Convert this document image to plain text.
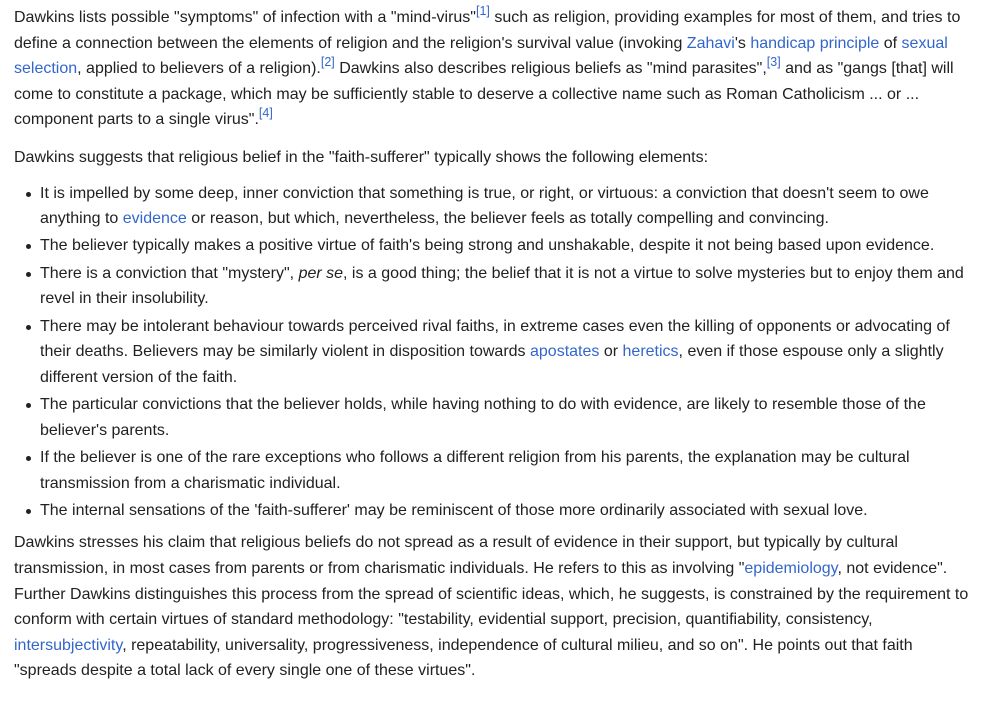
Dawkins lists possible "symptoms" of infection with a "mind-virus"[1] such as religion, providing examples for most of them, and tries to define a connection between the elements of religion and the religion's survival value (invoking Zahavi's handicap principle of sexual selection, applied to believers of a religion).[2] Dawkins also describes religious beliefs as "mind parasites",[3] and as "gangs [that] will come to constitute a package, which may be sufficiently stable to deserve a collective name such as Roman Catholicism ... or ... component parts to a single virus".[4]

Dawkins suggests that religious belief in the "faith-sufferer" typically shows the following elements:

It is impelled by some deep, inner conviction that something is true, or right, or virtuous: a conviction that doesn't seem to owe anything to evidence or reason, but which, nevertheless, the believer feels as totally compelling and convincing.
The believer typically makes a positive virtue of faith's being strong and unshakable, despite it not being based upon evidence.
There is a conviction that "mystery", per se, is a good thing; the belief that it is not a virtue to solve mysteries but to enjoy them and revel in their insolubility.
There may be intolerant behaviour towards perceived rival faiths, in extreme cases even the killing of opponents or advocating of their deaths. Believers may be similarly violent in disposition towards apostates or heretics, even if those espouse only a slightly different version of the faith.
The particular convictions that the believer holds, while having nothing to do with evidence, are likely to resemble those of the believer's parents.
If the believer is one of the rare exceptions who follows a different religion from his parents, the explanation may be cultural transmission from a charismatic individual.
The internal sensations of the 'faith-sufferer' may be reminiscent of those more ordinarily associated with sexual love.

Dawkins stresses his claim that religious beliefs do not spread as a result of evidence in their support, but typically by cultural transmission, in most cases from parents or from charismatic individuals. He refers to this as involving "epidemiology, not evidence". Further Dawkins distinguishes this process from the spread of scientific ideas, which, he suggests, is constrained by the requirement to conform with certain virtues of standard methodology: "testability, evidential support, precision, quantifiability, consistency, intersubjectivity, repeatability, universality, progressiveness, independence of cultural milieu, and so on". He points out that faith "spreads despite a total lack of every single one of these virtues".
